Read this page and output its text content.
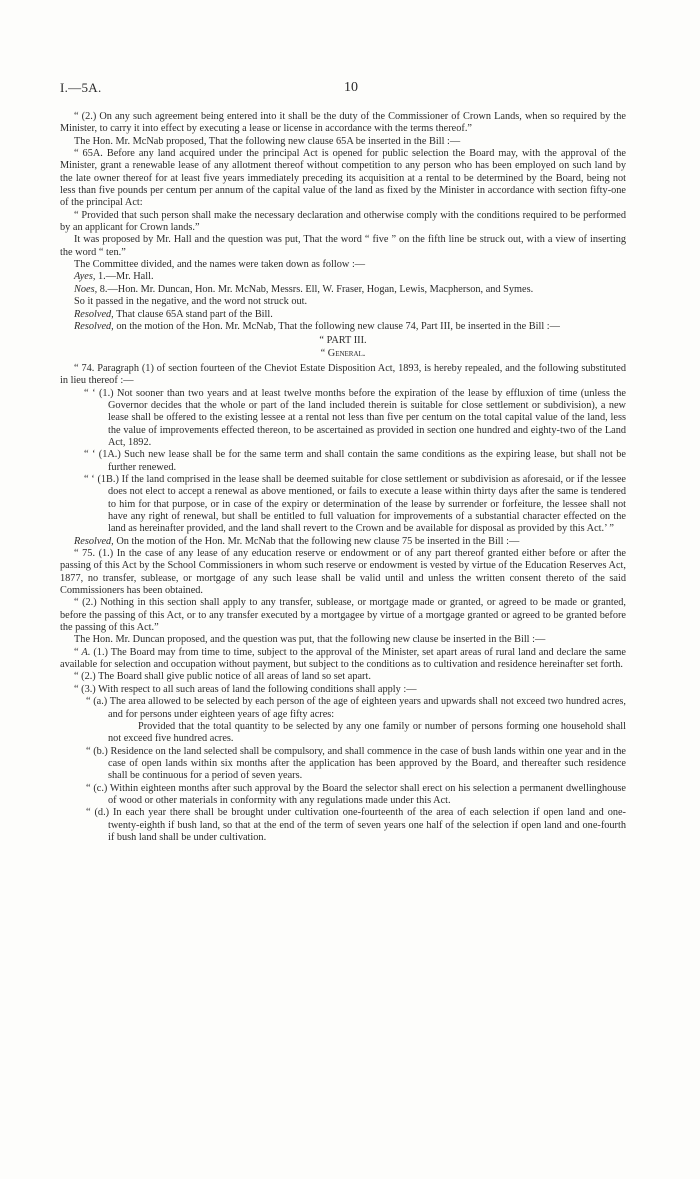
10
I.—5A.

“ (2.) On any such agreement being entered into it shall be the duty of the Commissioner of Crown Lands, when so required by the Minister, to carry it into effect by executing a lease or license in accordance with the terms thereof.”

The Hon. Mr. McNab proposed, That the following new clause 65A be inserted in the Bill :—

“ 65A. Before any land acquired under the principal Act is opened for public selection the Board may, with the approval of the Minister, grant a renewable lease of any allotment thereof without competition to any person who has been employed on such land by the late owner thereof for at least five years immediately preceding its acquisition at a rental to be determined by the Board, being not less than five pounds per centum per annum of the capital value of the land as fixed by the Minister in accordance with section fifty-one of the principal Act:

“ Provided that such person shall make the necessary declaration and otherwise comply with the conditions required to be performed by an applicant for Crown lands.”

It was proposed by Mr. Hall and the question was put, That the word “ five ” on the fifth line be struck out, with a view of inserting the word “ ten.”

The Committee divided, and the names were taken down as follow :—

Ayes, 1.—Mr. Hall.

Noes, 8.—Hon. Mr. Duncan, Hon. Mr. McNab, Messrs. Ell, W. Fraser, Hogan, Lewis, Macpherson, and Symes.

So it passed in the negative, and the word not struck out.

Resolved, That clause 65A stand part of the Bill.

Resolved, on the motion of the Hon. Mr. McNab, That the following new clause 74, Part III, be inserted in the Bill :—

“ PART III.

“ General.

“ 74. Paragraph (1) of section fourteen of the Cheviot Estate Disposition Act, 1893, is hereby repealed, and the following substituted in lieu thereof :—

“ ‘ (1.) Not sooner than two years and at least twelve months before the expiration of the lease by effluxion of time (unless the Governor decides that the whole or part of the land included therein is suitable for close settlement or subdivision), a new lease shall be offered to the existing lessee at a rental not less than five per centum on the total capital value of the land, less the value of improvements effected thereon, to be ascertained as provided in section one hundred and eighty-two of the Land Act, 1892.

“ ‘ (1A.) Such new lease shall be for the same term and shall contain the same conditions as the expiring lease, but shall not be further renewed.

“ ‘ (1B.) If the land comprised in the lease shall be deemed suitable for close settlement or subdivision as aforesaid, or if the lessee does not elect to accept a renewal as above mentioned, or fails to execute a lease within thirty days after the same is tendered to him for that purpose, or in case of the expiry or determination of the lease by surrender or forfeiture, the lessee shall not have any right of renewal, but shall be entitled to full valuation for improvements of a substantial character effected on the land as hereinafter provided, and the land shall revert to the Crown and be available for disposal as provided by this Act.’ ”

Resolved, On the motion of the Hon. Mr. McNab that the following new clause 75 be inserted in the Bill :—

“ 75. (1.) In the case of any lease of any education reserve or endowment or of any part thereof granted either before or after the passing of this Act by the School Commissioners in whom such reserve or endowment is vested by virtue of the Education Reserves Act, 1877, no transfer, sublease, or mortgage of any such lease shall be valid until and unless the written consent thereto of the said Commissioners has been obtained.

“ (2.) Nothing in this section shall apply to any transfer, sublease, or mortgage made or granted, or agreed to be made or granted, before the passing of this Act, or to any transfer executed by a mortgagee by virtue of a mortgage granted or agreed to be granted before the passing of this Act.”

The Hon. Mr. Duncan proposed, and the question was put, that the following new clause be inserted in the Bill :—

“ A. (1.) The Board may from time to time, subject to the approval of the Minister, set apart areas of rural land and declare the same available for selection and occupation without payment, but subject to the conditions as to cultivation and residence hereinafter set forth.

“ (2.) The Board shall give public notice of all areas of land so set apart.

“ (3.) With respect to all such areas of land the following conditions shall apply :—

“ (a.) The area allowed to be selected by each person of the age of eighteen years and upwards shall not exceed two hundred acres, and for persons under eighteen years of age fifty acres:

Provided that the total quantity to be selected by any one family or number of persons forming one household shall not exceed five hundred acres.

“ (b.) Residence on the land selected shall be compulsory, and shall commence in the case of bush lands within one year and in the case of open lands within six months after the application has been approved by the Board, and thereafter such residence shall be continuous for a period of seven years.

“ (c.) Within eighteen months after such approval by the Board the selector shall erect on his selection a permanent dwellinghouse of wood or other materials in conformity with any regulations made under this Act.

“ (d.) In each year there shall be brought under cultivation one-fourteenth of the area of each selection if open land and one-twenty-eighth if bush land, so that at the end of the term of seven years one half of the selection if open land and one-fourth if bush land shall be under cultivation.
